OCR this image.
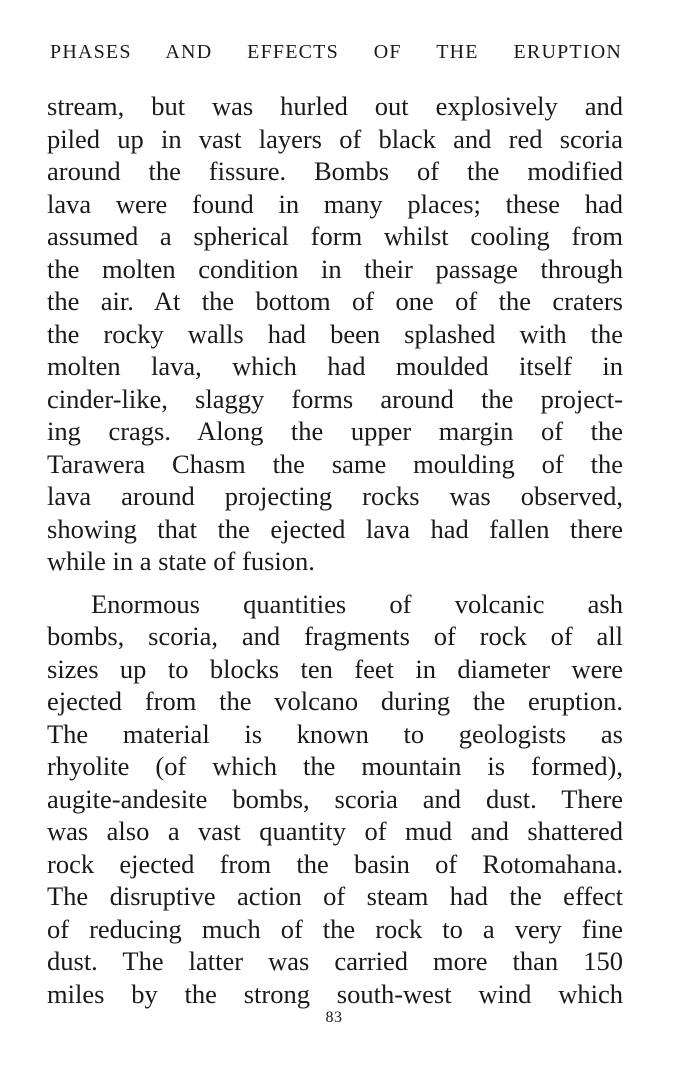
PHASES AND EFFECTS OF THE ERUPTION
stream, but was hurled out explosively and
piled up in vast layers of black and red scoria
around the fissure. Bombs of the modified
lava were found in many places; these had
assumed a spherical form whilst cooling from
the molten condition in their passage through
the air. At the bottom of one of the craters
the rocky walls had been splashed with the
molten lava, which had moulded itself in
cinder-like, slaggy forms around the project-
ing crags. Along the upper margin of the
Tarawera Chasm the same moulding of the
lava around projecting rocks was observed,
showing that the ejected lava had fallen there
while in a state of fusion.
Enormous quantities of volcanic ash
bombs, scoria, and fragments of rock of all
sizes up to blocks ten feet in diameter were
ejected from the volcano during the eruption.
The material is known to geologists as
rhyolite (of which the mountain is formed),
augite-andesite bombs, scoria and dust. There
was also a vast quantity of mud and shattered
rock ejected from the basin of Rotomahana.
The disruptive action of steam had the effect
of reducing much of the rock to a very fine
dust. The latter was carried more than 150
miles by the strong south-west wind which
83
